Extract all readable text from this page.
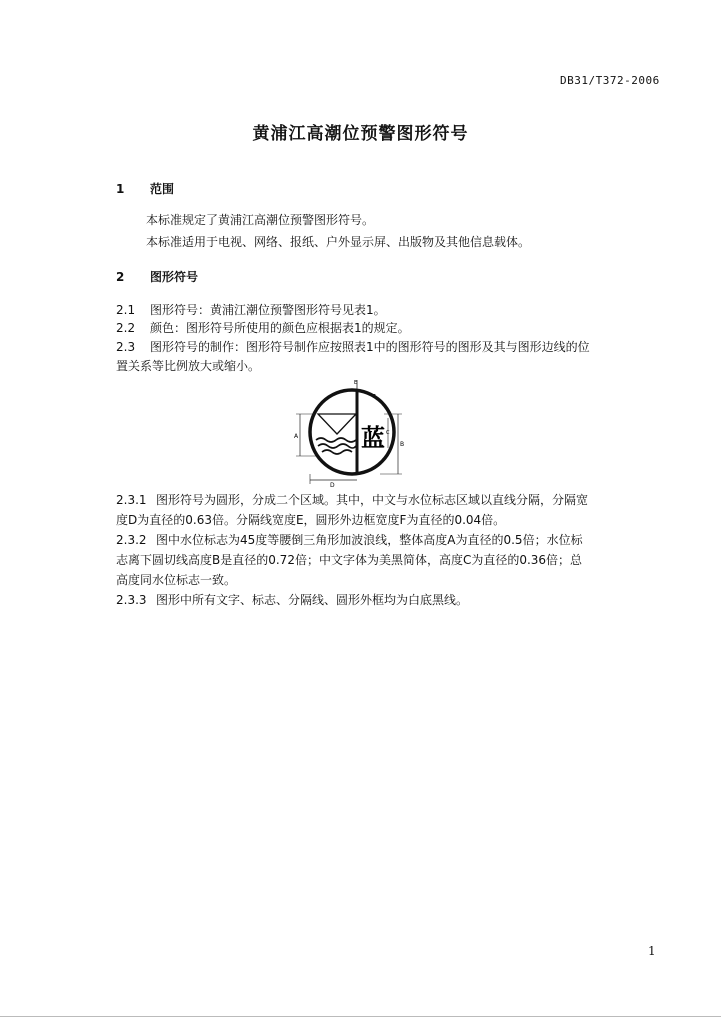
DB31/T372-2006
黄浦江高潮位预警图形符号
1 范围
本标准规定了黄浦江高潮位预警图形符号。
本标准适用于电视、网络、报纸、户外显示屏、出版物及其他信息载体。
2 图形符号
2.1 图形符号：黄浦江潮位预警图形符号见表1。
2.2 颜色：图形符号所使用的颜色应根据表1的规定。
2.3 图形符号的制作：图形符号制作应按照表1中的图形符号的图形及其与图形边线的位
置关系等比例放大或缩小。
E
蓝
A	C
B
D
2.3.1 图形符号为圆形，分成二个区域。其中，中文与水位标志区域以直线分隔，分隔宽
度D为直径的0.63倍。分隔线宽度E，圆形外边框宽度F为直径的0.04倍。
2.3.2 图中水位标志为45度等腰倒三角形加波浪线，整体高度A为直径的0.5倍；水位标
志离下圆切线高度B是直径的0.72倍；中文字体为美黑简体，高度C为直径的0.36倍；总
高度同水位标志一致。
2.3.3 图形中所有文字、标志、分隔线、圆形外框均为白底黑线。
1
